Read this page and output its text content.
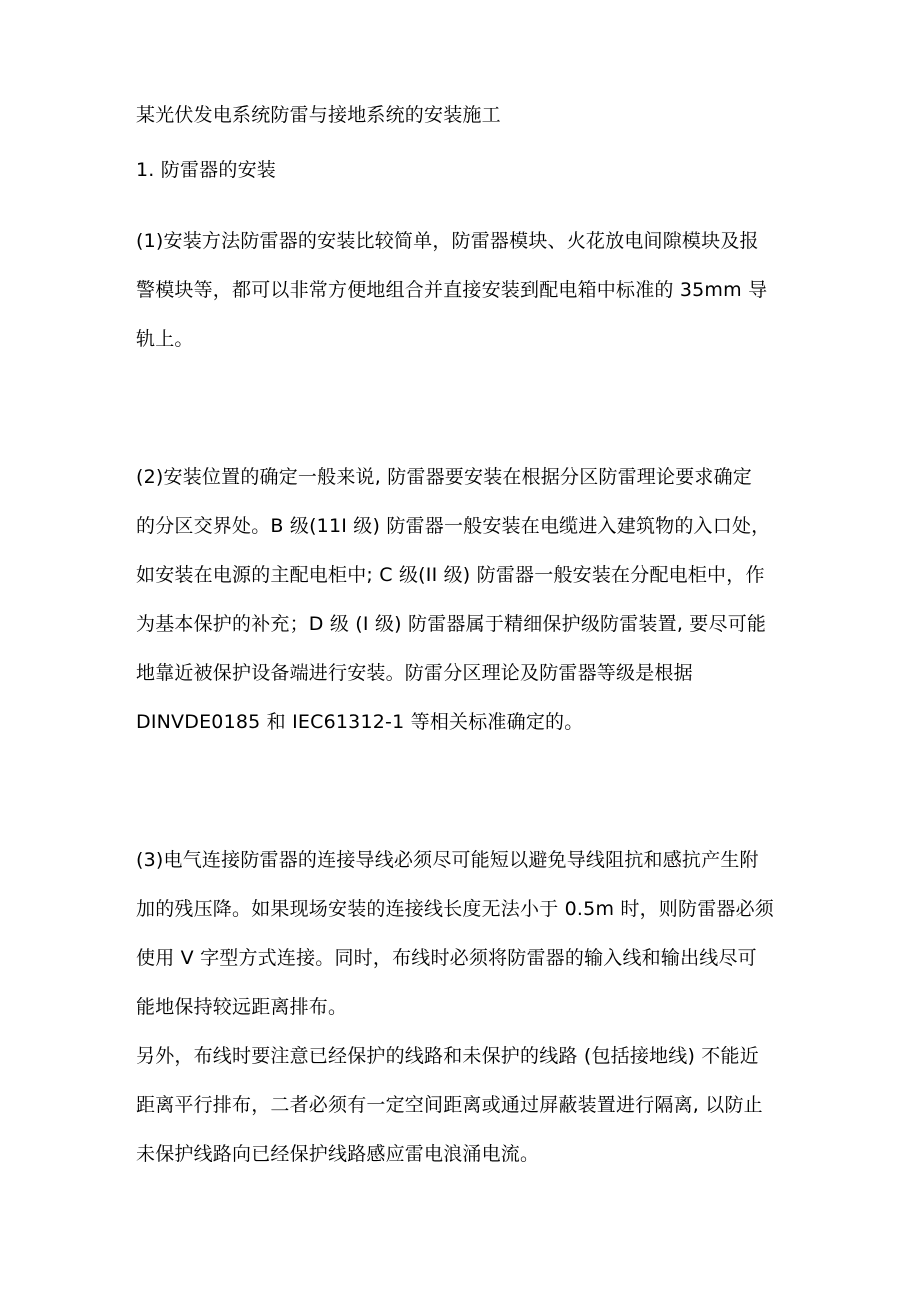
某光伏发电系统防雷与接地系统的安装施工

1. 防雷器的安装

(1)安装方法防雷器的安装比较简单，防雷器模块、火花放电间隙模块及报

警模块等，都可以非常方便地组合并直接安装到配电箱中标准的 35mm 导

轨上。

(2)安装位置的确定一般来说, 防雷器要安装在根据分区防雷理论要求确定

的分区交界处。B 级(11I 级) 防雷器一般安装在电缆进入建筑物的入口处，

如安装在电源的主配电柜中; C 级(II 级) 防雷器一般安装在分配电柜中，作

为基本保护的补充；D 级 (I 级) 防雷器属于精细保护级防雷装置, 要尽可能

地靠近被保护设备端进行安装。防雷分区理论及防雷器等级是根据

DINVDE0185 和 IEC61312-1 等相关标准确定的。

(3)电气连接防雷器的连接导线必须尽可能短以避免导线阻抗和感抗产生附

加的残压降。如果现场安装的连接线长度无法小于 0.5m 时，则防雷器必须

使用 V 字型方式连接。同时，布线时必须将防雷器的输入线和输出线尽可

能地保持较远距离排布。

另外，布线时要注意已经保护的线路和未保护的线路 (包括接地线) 不能近

距离平行排布，二者必须有一定空间距离或通过屏蔽装置进行隔离, 以防止

未保护线路向已经保护线路感应雷电浪涌电流。
